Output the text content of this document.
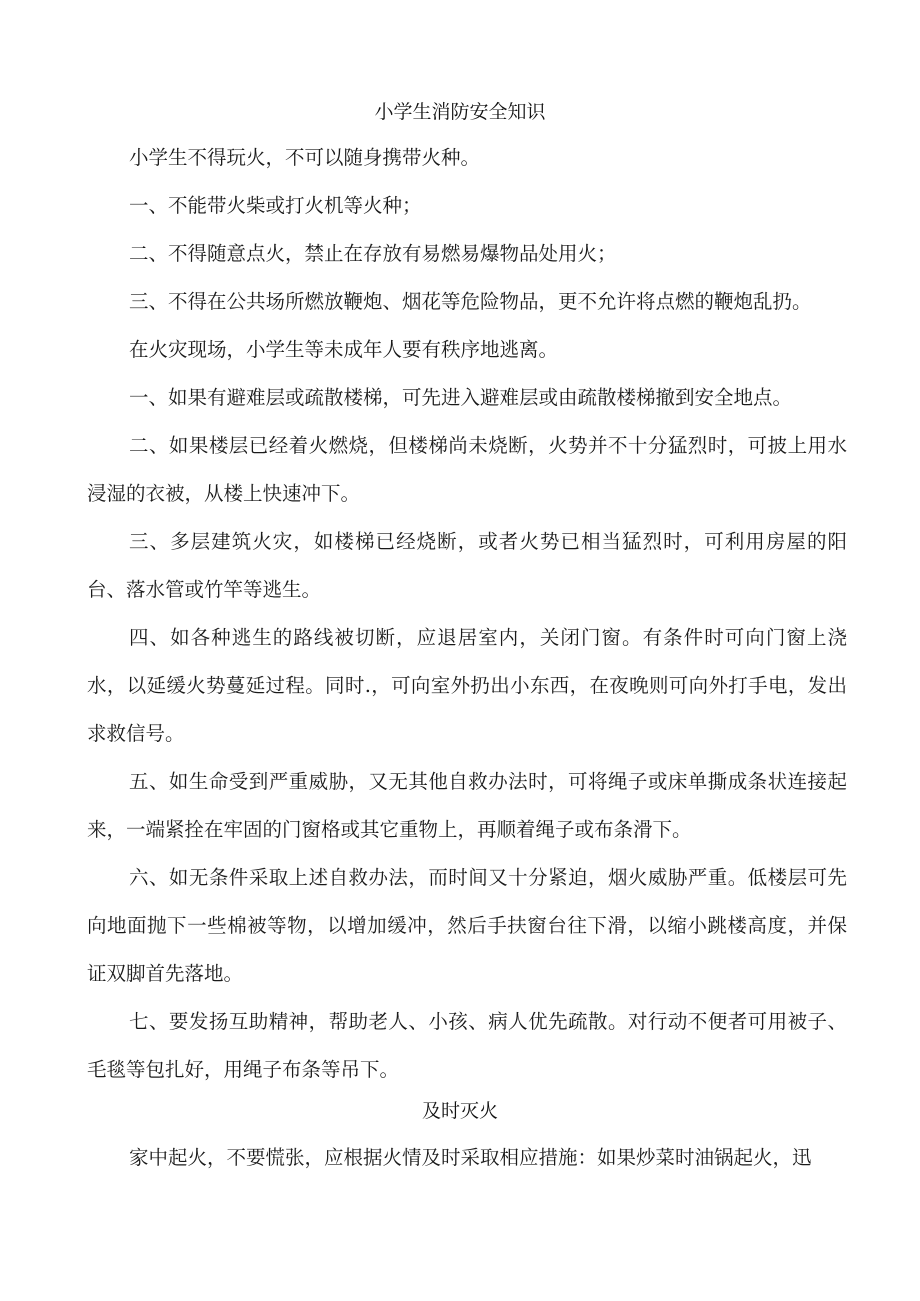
小学生消防安全知识

小学生不得玩火，不可以随身携带火种。

一、不能带火柴或打火机等火种；

二、不得随意点火，禁止在存放有易燃易爆物品处用火；

三、不得在公共场所燃放鞭炮、烟花等危险物品，更不允许将点燃的鞭炮乱扔。

在火灾现场，小学生等未成年人要有秩序地逃离。

一、如果有避难层或疏散楼梯，可先进入避难层或由疏散楼梯撤到安全地点。

二、如果楼层已经着火燃烧，但楼梯尚未烧断，火势并不十分猛烈时，可披上用水浸湿的衣被，从楼上快速冲下。

三、多层建筑火灾，如楼梯已经烧断，或者火势已相当猛烈时，可利用房屋的阳台、落水管或竹竿等逃生。

四、如各种逃生的路线被切断，应退居室内，关闭门窗。有条件时可向门窗上浇水，以延缓火势蔓延过程。同时.，可向室外扔出小东西，在夜晚则可向外打手电，发出求救信号。

五、如生命受到严重威胁，又无其他自救办法时，可将绳子或床单撕成条状连接起来，一端紧拴在牢固的门窗格或其它重物上，再顺着绳子或布条滑下。

六、如无条件采取上述自救办法，而时间又十分紧迫，烟火威胁严重。低楼层可先向地面抛下一些棉被等物，以增加缓冲，然后手扶窗台往下滑，以缩小跳楼高度，并保证双脚首先落地。

七、要发扬互助精神，帮助老人、小孩、病人优先疏散。对行动不便者可用被子、毛毯等包扎好，用绳子布条等吊下。

及时灭火

家中起火，不要慌张，应根据火情及时采取相应措施：如果炒菜时油锅起火，迅
